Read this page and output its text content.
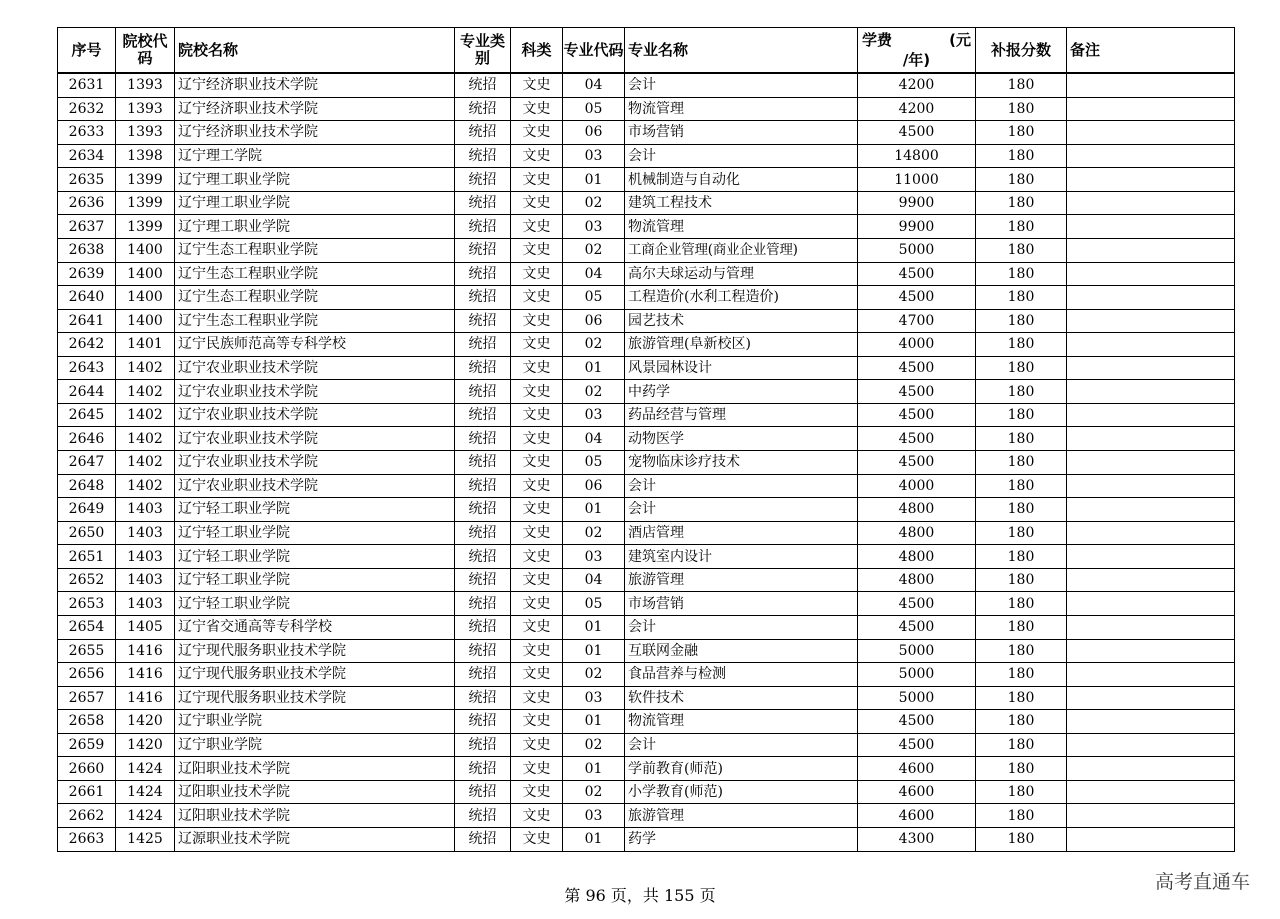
序号	院校代码	院校名称	专业类别	科类	专业代码	专业名称	学费 (元
/年)	补报分数	备注
2631	1393	辽宁经济职业技术学院	统招	文史	04	会计	4200	180	
2632	1393	辽宁经济职业技术学院	统招	文史	05	物流管理	4200	180	
2633	1393	辽宁经济职业技术学院	统招	文史	06	市场营销	4500	180	
2634	1398	辽宁理工学院	统招	文史	03	会计	14800	180	
2635	1399	辽宁理工职业学院	统招	文史	01	机械制造与自动化	11000	180	
2636	1399	辽宁理工职业学院	统招	文史	02	建筑工程技术	9900	180	
2637	1399	辽宁理工职业学院	统招	文史	03	物流管理	9900	180	
2638	1400	辽宁生态工程职业学院	统招	文史	02	工商企业管理(商业企业管理)	5000	180	
2639	1400	辽宁生态工程职业学院	统招	文史	04	高尔夫球运动与管理	4500	180	
2640	1400	辽宁生态工程职业学院	统招	文史	05	工程造价(水利工程造价)	4500	180	
2641	1400	辽宁生态工程职业学院	统招	文史	06	园艺技术	4700	180	
2642	1401	辽宁民族师范高等专科学校	统招	文史	02	旅游管理(阜新校区)	4000	180	
2643	1402	辽宁农业职业技术学院	统招	文史	01	风景园林设计	4500	180	
2644	1402	辽宁农业职业技术学院	统招	文史	02	中药学	4500	180	
2645	1402	辽宁农业职业技术学院	统招	文史	03	药品经营与管理	4500	180	
2646	1402	辽宁农业职业技术学院	统招	文史	04	动物医学	4500	180	
2647	1402	辽宁农业职业技术学院	统招	文史	05	宠物临床诊疗技术	4500	180	
2648	1402	辽宁农业职业技术学院	统招	文史	06	会计	4000	180	
2649	1403	辽宁轻工职业学院	统招	文史	01	会计	4800	180	
2650	1403	辽宁轻工职业学院	统招	文史	02	酒店管理	4800	180	
2651	1403	辽宁轻工职业学院	统招	文史	03	建筑室内设计	4800	180	
2652	1403	辽宁轻工职业学院	统招	文史	04	旅游管理	4800	180	
2653	1403	辽宁轻工职业学院	统招	文史	05	市场营销	4500	180	
2654	1405	辽宁省交通高等专科学校	统招	文史	01	会计	4500	180	
2655	1416	辽宁现代服务职业技术学院	统招	文史	01	互联网金融	5000	180	
2656	1416	辽宁现代服务职业技术学院	统招	文史	02	食品营养与检测	5000	180	
2657	1416	辽宁现代服务职业技术学院	统招	文史	03	软件技术	5000	180	
2658	1420	辽宁职业学院	统招	文史	01	物流管理	4500	180	
2659	1420	辽宁职业学院	统招	文史	02	会计	4500	180	
2660	1424	辽阳职业技术学院	统招	文史	01	学前教育(师范)	4600	180	
2661	1424	辽阳职业技术学院	统招	文史	02	小学教育(师范)	4600	180	
2662	1424	辽阳职业技术学院	统招	文史	03	旅游管理	4600	180	
2663	1425	辽源职业技术学院	统招	文史	01	药学	4300	180	
第 96 页，共 155 页
高考直通车
